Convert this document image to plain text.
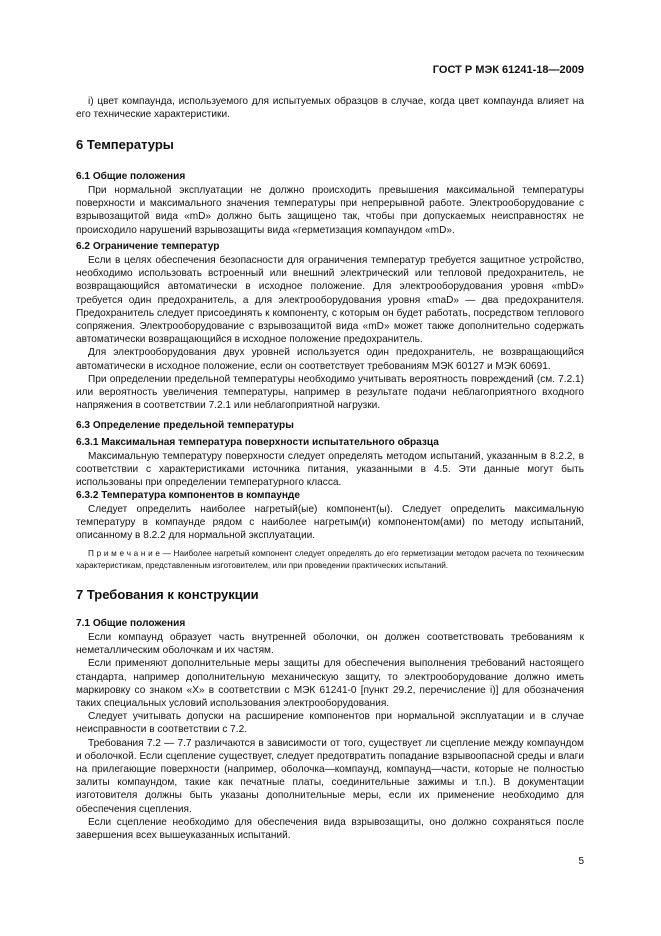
ГОСТ Р МЭК 61241-18—2009

i) цвет компаунда, используемого для испытуемых образцов в случае, когда цвет компаунда влияет на его технические характеристики.

6 Температуры
6.1 Общие положения

При нормальной эксплуатации не должно происходить превышения максимальной температуры поверхности и максимального значения температуры при непрерывной работе. Электрооборудование с взрывозащитой вида «mD» должно быть защищено так, чтобы при допускаемых неисправностях не происходило нарушений взрывозащиты вида «герметизация компаундом «mD».

6.2 Ограничение температур

Если в целях обеспечения безопасности для ограничения температур требуется защитное устройство, необходимо использовать встроенный или внешний электрический или тепловой предохранитель, не возвращающийся автоматически в исходное положение. Для электрооборудования уровня «mbD» требуется один предохранитель, а для электрооборудования уровня «maD» — два предохранителя. Предохранитель следует присоединять к компоненту, с которым он будет работать, посредством теплового сопряжения. Электрооборудование с взрывозащитой вида «mD» может также дополнительно содержать автоматически возвращающийся в исходное положение предохранитель.

Для электрооборудования двух уровней используется один предохранитель, не возвращающийся автоматически в исходное положение, если он соответствует требованиям МЭК 60127 и МЭК 60691.

При определении предельной температуры необходимо учитывать вероятность повреждений (см. 7.2.1) или вероятность увеличения температуры, например в результате подачи неблагоприятного входного напряжения в соответствии 7.2.1 или неблагоприятной нагрузки.

6.3 Определение предельной температуры
6.3.1 Максимальная температура поверхности испытательного образца

Максимальную температуру поверхности следует определять методом испытаний, указанным в 8.2.2, в соответствии с характеристиками источника питания, указанными в 4.5. Эти данные могут быть использованы при определении температурного класса.

6.3.2 Температура компонентов в компаунде

Следует определить наиболее нагретый(ые) компонент(ы). Следует определить максимальную температуру в компаунде рядом с наиболее нагретым(и) компонентом(ами) по методу испытаний, описанному в 8.2.2 для нормальной эксплуатации.

П р и м е ч а н и е — Наиболее нагретый компонент следует определять до его герметизации методом расчета по техническим характеристикам, представленным изготовителем, или при проведении практических испытаний.

7 Требования к конструкции
7.1 Общие положения

Если компаунд образует часть внутренней оболочки, он должен соответствовать требованиям к неметаллическим оболочкам и их частям.

Если применяют дополнительные меры защиты для обеспечения выполнения требований настоящего стандарта, например дополнительную механическую защиту, то электрооборудование должно иметь маркировку со знаком «X» в соответствии с МЭК 61241-0 [пункт 29.2, перечисление i)] для обозначения таких специальных условий использования электрооборудования.

Следует учитывать допуски на расширение компонентов при нормальной эксплуатации и в случае неисправности в соответствии с 7.2.

Требования 7.2 — 7.7 различаются в зависимости от того, существует ли сцепление между компаундом и оболочкой. Если сцепление существует, следует предотвратить попадание взрывоопасной среды и влаги на прилегающие поверхности (например, оболочка—компаунд, компаунд—части, которые не полностью залиты компаундом, такие как печатные платы, соединительные зажимы и т.п.). В документации изготовителя должны быть указаны дополнительные меры, если их применение необходимо для обеспечения сцепления.

Если сцепление необходимо для обеспечения вида взрывозащиты, оно должно сохраняться после завершения всех вышеуказанных испытаний.

5
